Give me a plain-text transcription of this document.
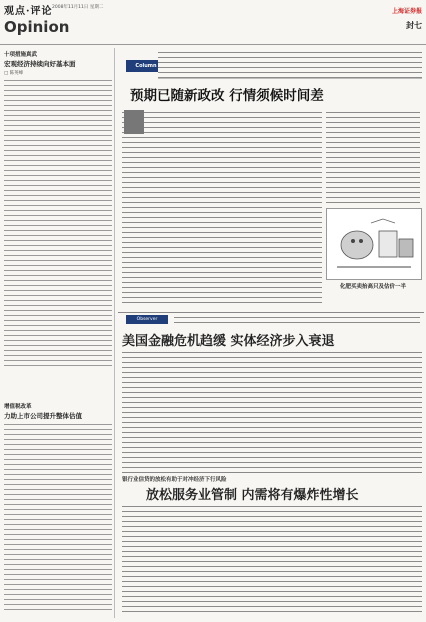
观点·评论
Opinion
2008年11月11日 星期二
上海证券报
封七
十项措施真武
宏观经济持续向好基本面
□ 陈英峰
增值税改革
力助上市公司提升整体估值
Column
预期已随新政改 行情须候时间差
化肥买卖抬高只及估价一半
Observer
美国金融危机趋缓 实体经济步入衰退
银行业信贷的放松有助于对冲经济下行风险
放松服务业管制 内需将有爆炸性增长
